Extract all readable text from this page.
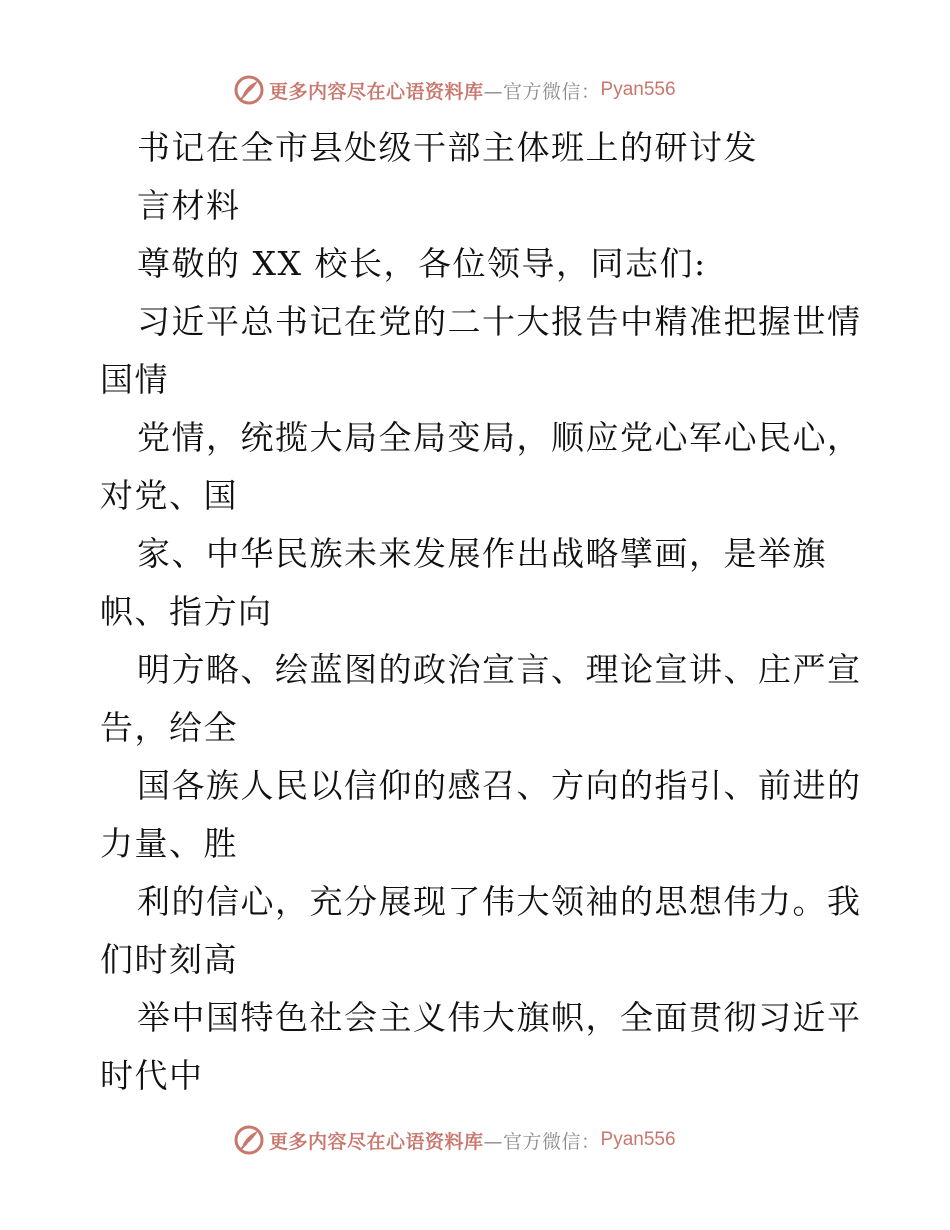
更多内容尽在心语资料库 —官方微信： Pyan556
书记在全市县处级干部主体班上的研讨发
言材料
尊敬的 XX 校长，各位领导，同志们:
习近平总书记在党的二十大报告中精准把握世情
国情
党情，统揽大局全局变局，顺应党心军心民心，
对党、国
家、中华民族未来发展作出战略擘画，是举旗
帜、指方向
明方略、绘蓝图的政治宣言、理论宣讲、庄严宣
告，给全
国各族人民以信仰的感召、方向的指引、前进的
力量、胜
利的信心，充分展现了伟大领袖的思想伟力。我
们时刻高
举中国特色社会主义伟大旗帜，全面贯彻习近平
时代中
更多内容尽在心语资料库 —官方微信： Pyan556
